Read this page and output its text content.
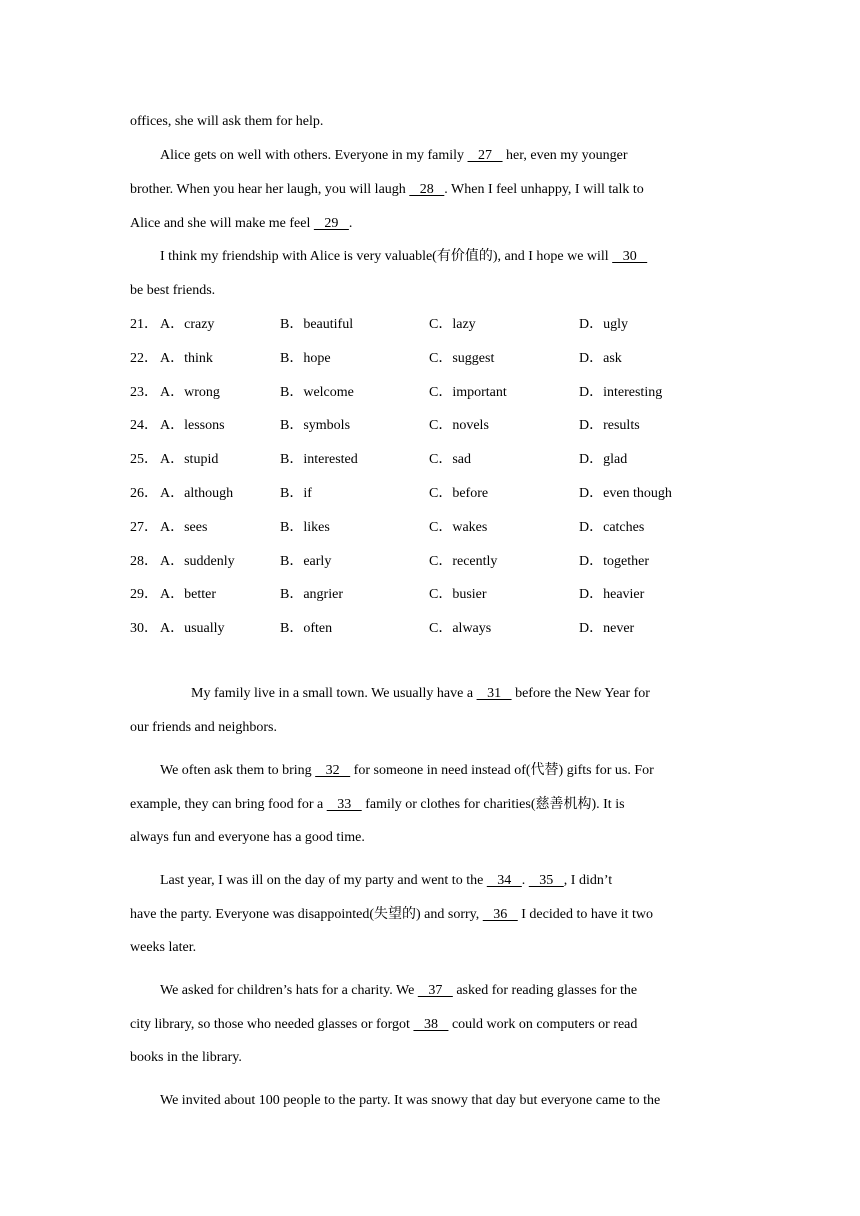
offices, she will ask them for help.
Alice gets on well with others. Everyone in my family    27    her, even my younger
brother. When you hear her laugh, you will laugh    28   . When I feel unhappy, I will talk to
Alice and she will make me feel    29   .
I think my friendship with Alice is very valuable(有价值的), and I hope we will    30
be best friends.
21． A．crazy	B．beautiful	C．lazy	D．ugly
22． A．think	B．hope	C．suggest	D．ask
23． A．wrong	B．welcome	C．important	D．interesting
24． A．lessons	B．symbols	C．novels	D．results
25． A．stupid	B．interested	C．sad	D．glad
26． A．although	B．if	C．before	D．even though
27． A．sees	B．likes	C．wakes	D．catches
28． A．suddenly	B．early	C．recently	D．together
29． A．better	B．angrier	C．busier	D．heavier
30． A．usually	B．often	C．always	D．never
My family live in a small town. We usually have a    31    before the New Year for
our friends and neighbors.
We often ask them to bring    32    for someone in need instead of(代替) gifts for us. For
example, they can bring food for a    33    family or clothes for charities(慈善机构). It is
always fun and everyone has a good time.
Last year, I was ill on the day of my party and went to the    34   .    35   , I didn’t
have the party. Everyone was disappointed(失望的) and sorry,    36    I decided to have it two
weeks later.
We asked for children’s hats for a charity. We    37    asked for reading glasses for the
city library, so those who needed glasses or forgot    38    could work on computers or read
books in the library.
We invited about 100 people to the party. It was snowy that day but everyone came to the
